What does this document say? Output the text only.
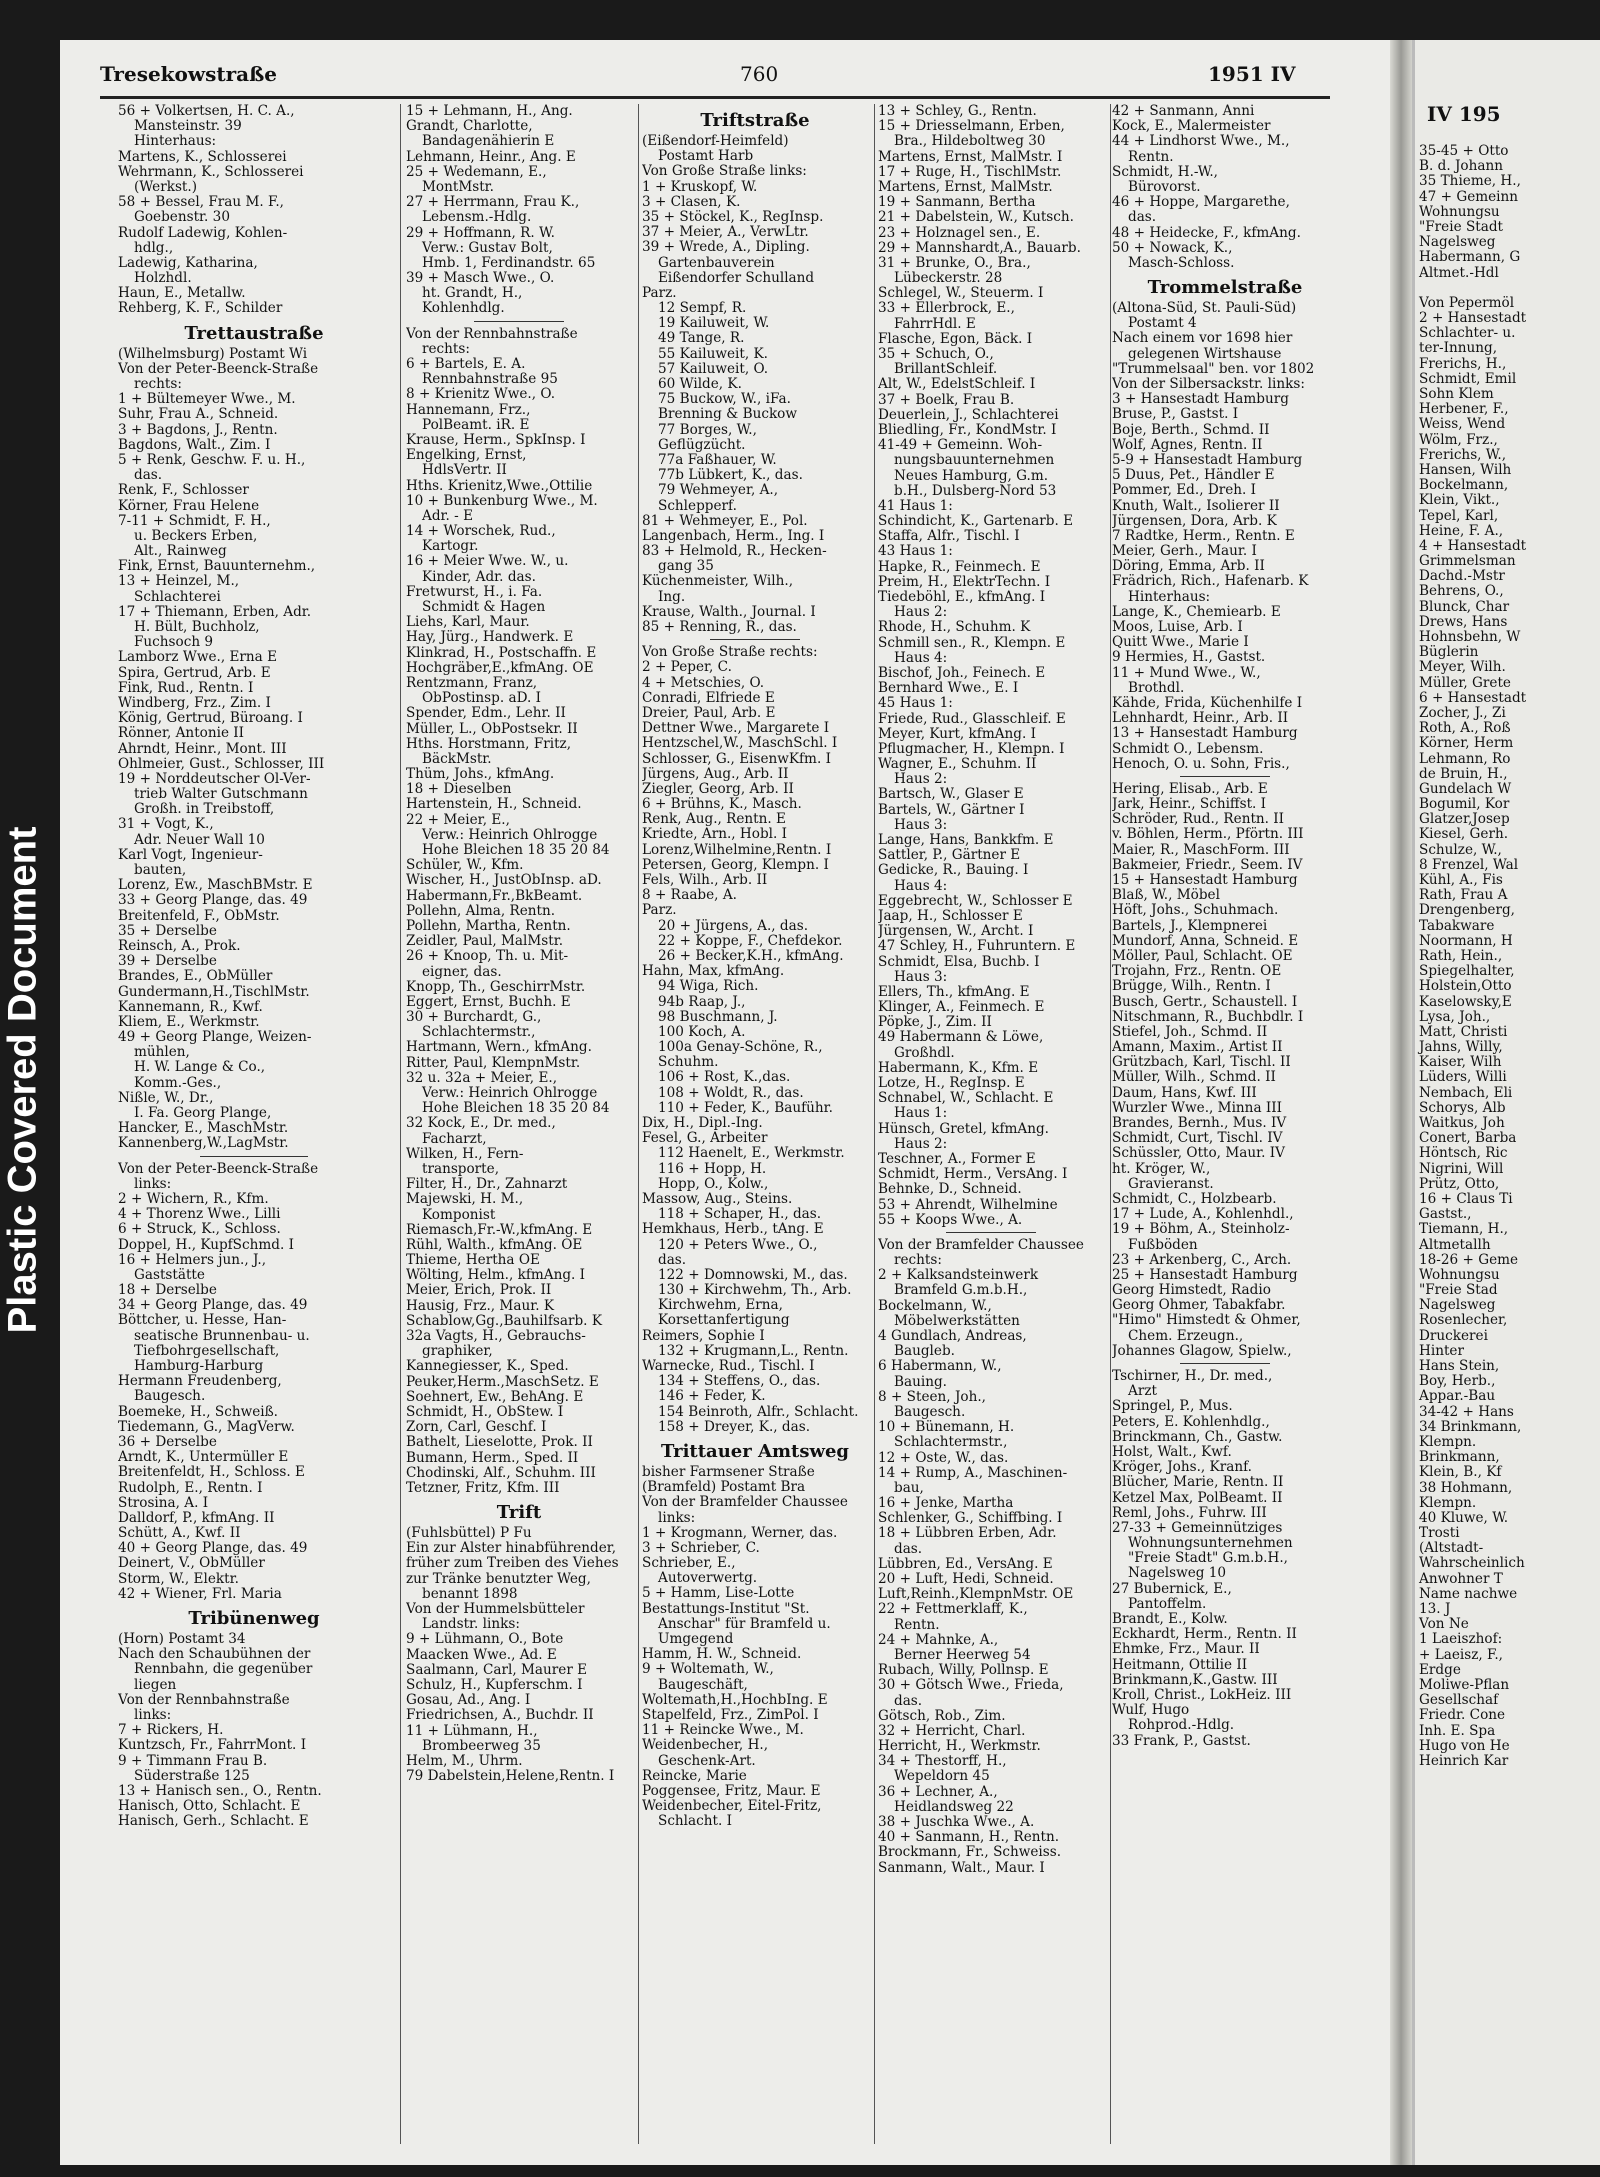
Plastic Covered Document
IV 195
35-45 + Otto
B. d. Johann
35 Thieme, H.,
47 + Gemeinn
Wohnungsu
"Freie Stadt
Nagelsweg
Habermann, G
Altmet.-Hdl
Von Pepermöl
2 + Hansestadt
Schlachter- u.
ter-Innung,
Frerichs, H.,
Schmidt, Emil
Sohn Klem
Herbener, F.,
Weiss, Wend
Wölm, Frz.,
Frerichs, W.,
Hansen, Wilh
Bockelmann,
Klein, Vikt.,
Tepel, Karl,
Heine, F. A.,
4 + Hansestadt
Grimmelsman
Dachd.-Mstr
Behrens, O.,
Blunck, Char
Drews, Hans
Hohnsbehn, W
Büglerin
Meyer, Wilh.
Müller, Grete
6 + Hansestadt
Zocher, J., Zi
Roth, A., Roß
Körner, Herm
Lehmann, Ro
de Bruin, H.,
Gundelach W
Bogumil, Kor
Glatzer,Josep
Kiesel, Gerh.
Schulze, W.,
8 Frenzel, Wal
Kühl, A., Fis
Rath, Frau A
Drengenberg,
Tabakware
Noormann, H
Rath, Hein.,
Spiegelhalter,
Holstein,Otto
Kaselowsky,E
Lysa, Joh.,
Matt, Christi
Jahns, Willy,
Kaiser, Wilh
Lüders, Willi
Nembach, Eli
Schorys, Alb
Waitkus, Joh
Conert, Barba
Höntsch, Ric
Nigrini, Will
Prütz, Otto,
16 + Claus Ti
Gastst.,
Tiemann, H.,
Altmetallh
18-26 + Geme
Wohnungsu
"Freie Stad
Nagelsweg
Rosenlecher,
Druckerei
Hinter
Hans Stein,
Boy, Herb.,
Appar.-Bau
34-42 + Hans
34 Brinkmann,
Klempn.
Brinkmann,
Klein, B., Kf
38 Hohmann,
Klempn.
40 Kluwe, W.
Trosti
(Altstadt-
Wahrscheinlich
Anwohner T
Name nachwe
13. J
Von Ne
1 Laeiszhof:
+ Laeisz, F.,
Erdge
Moliwe-Pflan
Gesellschaf
Friedr. Cone
Inh. E. Spa
Hugo von He
Heinrich Kar
Tresekowstraße	760	1951 IV
56 + Volkertsen, H. C. A.,
Mansteinstr. 39
Hinterhaus:
Martens, K., Schlosserei
Wehrmann, K., Schlosserei
(Werkst.)
58 + Bessel, Frau M. F.,
Goebenstr. 30
Rudolf Ladewig, Kohlen-
hdlg.,
Ladewig, Katharina,
Holzhdl.
Haun, E., Metallw.
Rehberg, K. F., Schilder
Trettaustraße
(Wilhelmsburg) Postamt Wi
Von der Peter-Beenck-Straße
rechts:
1 + Bültemeyer Wwe., M.
Suhr, Frau A., Schneid.
3 + Bagdons, J., Rentn.
Bagdons, Walt., Zim. I
5 + Renk, Geschw. F. u. H.,
das.
Renk, F., Schlosser
Körner, Frau Helene
7-11 + Schmidt, F. H.,
u. Beckers Erben,
Alt., Rainweg
Fink, Ernst, Bauunternehm.,
13 + Heinzel, M.,
Schlachterei
17 + Thiemann, Erben, Adr.
H. Bült, Buchholz,
Fuchsoch 9
Lamborz Wwe., Erna E
Spira, Gertrud, Arb. E
Fink, Rud., Rentn. I
Windberg, Frz., Zim. I
König, Gertrud, Büroang. I
Rönner, Antonie II
Ahrndt, Heinr., Mont. III
Ohlmeier, Gust., Schlosser, III
19 + Norddeutscher Ol-Ver-
trieb Walter Gutschmann
Großh. in Treibstoff,
31 + Vogt, K.,
Adr. Neuer Wall 10
Karl Vogt, Ingenieur-
bauten,
Lorenz, Ew., MaschBMstr. E
33 + Georg Plange, das. 49
Breitenfeld, F., ObMstr.
35 + Derselbe
Reinsch, A., Prok.
39 + Derselbe
Brandes, E., ObMüller
Gundermann,H.,TischlMstr.
Kannemann, R., Kwf.
Kliem, E., Werkmstr.
49 + Georg Plange, Weizen-
mühlen,
H. W. Lange & Co.,
Komm.-Ges.,
Nißle, W., Dr.,
I. Fa. Georg Plange,
Hancker, E., MaschMstr.
Kannenberg,W.,LagMstr.
Von der Peter-Beenck-Straße
links:
2 + Wichern, R., Kfm.
4 + Thorenz Wwe., Lilli
6 + Struck, K., Schloss.
Doppel, H., KupfSchmd. I
16 + Helmers jun., J.,
Gaststätte
18 + Derselbe
34 + Georg Plange, das. 49
Böttcher, u. Hesse, Han-
seatische Brunnenbau- u.
Tiefbohrgesellschaft,
Hamburg-Harburg
Hermann Freudenberg,
Baugesch.
Boemeke, H., Schweiß.
Tiedemann, G., MagVerw.
36 + Derselbe
Arndt, K., Untermüller E
Breitenfeldt, H., Schloss. E
Rudolph, E., Rentn. I
Strosina, A. I
Dalldorf, P., kfmAng. II
Schütt, A., Kwf. II
40 + Georg Plange, das. 49
Deinert, V., ObMüller
Storm, W., Elektr.
42 + Wiener, Frl. Maria
Tribünenweg
(Horn) Postamt 34
Nach den Schaubühnen der
Rennbahn, die gegenüber
liegen
Von der Rennbahnstraße
links:
7 + Rickers, H.
Kuntzsch, Fr., FahrrMont. I
9 + Timmann Frau B.
Süderstraße 125
13 + Hanisch sen., O., Rentn.
Hanisch, Otto, Schlacht. E
Hanisch, Gerh., Schlacht. E
15 + Lehmann, H., Ang.
Grandt, Charlotte,
Bandagenähierin E
Lehmann, Heinr., Ang. E
25 + Wedemann, E.,
MontMstr.
27 + Herrmann, Frau K.,
Lebensm.-Hdlg.
29 + Hoffmann, R. W.
Verw.: Gustav Bolt,
Hmb. 1, Ferdinandstr. 65
39 + Masch Wwe., O.
ht. Grandt, H.,
Kohlenhdlg.
Von der Rennbahnstraße
rechts:
6 + Bartels, E. A.
Rennbahnstraße 95
8 + Krienitz Wwe., O.
Hannemann, Frz.,
PolBeamt. iR. E
Krause, Herm., SpkInsp. I
Engelking, Ernst,
HdlsVertr. II
Hths. Krienitz,Wwe.,Ottilie
10 + Bunkenburg Wwe., M.
Adr. - E
14 + Worschek, Rud.,
Kartogr.
16 + Meier Wwe. W., u.
Kinder, Adr. das.
Fretwurst, H., i. Fa.
Schmidt & Hagen
Liehs, Karl, Maur.
Hay, Jürg., Handwerk. E
Klinkrad, H., Postschaffn. E
Hochgräber,E.,kfmAng. OE
Rentzmann, Franz,
ObPostinsp. aD. I
Spender, Edm., Lehr. II
Müller, L., ObPostsekr. II
Hths. Horstmann, Fritz,
BäckMstr.
Thüm, Johs., kfmAng.
18 + Dieselben
Hartenstein, H., Schneid.
22 + Meier, E.,
Verw.: Heinrich Ohlrogge
Hohe Bleichen 18 35 20 84
Schüler, W., Kfm.
Wischer, H., JustObInsp. aD.
Habermann,Fr.,BkBeamt.
Pollehn, Alma, Rentn.
Pollehn, Martha, Rentn.
Zeidler, Paul, MalMstr.
26 + Knoop, Th. u. Mit-
eigner, das.
Knopp, Th., GeschirrMstr.
Eggert, Ernst, Buchh. E
30 + Burchardt, G.,
Schlachtermstr.,
Hartmann, Wern., kfmAng.
Ritter, Paul, KlempnMstr.
32 u. 32a + Meier, E.,
Verw.: Heinrich Ohlrogge
Hohe Bleichen 18 35 20 84
32 Kock, E., Dr. med.,
Facharzt,
Wilken, H., Fern-
transporte,
Filter, H., Dr., Zahnarzt
Majewski, H. M.,
Komponist
Riemasch,Fr.-W.,kfmAng. E
Rühl, Walth., kfmAng. OE
Thieme, Hertha OE
Wölting, Helm., kfmAng. I
Meier, Erich, Prok. II
Hausig, Frz., Maur. K
Schablow,Gg.,Bauhilfsarb. K
32a Vagts, H., Gebrauchs-
graphiker,
Kannegiesser, K., Sped.
Peuker,Herm.,MaschSetz. E
Soehnert, Ew., BehAng. E
Schmidt, H., ObStew. I
Zorn, Carl, Geschf. I
Bathelt, Lieselotte, Prok. II
Bumann, Herm., Sped. II
Chodinski, Alf., Schuhm. III
Tetzner, Fritz, Kfm. III
Trift
(Fuhlsbüttel) P Fu
Ein zur Alster hinabführender,
früher zum Treiben des Viehes
zur Tränke benutzter Weg,
benannt 1898
Von der Hummelsbütteler
Landstr. links:
9 + Lühmann, O., Bote
Maacken Wwe., Ad. E
Saalmann, Carl, Maurer E
Schulz, H., Kupferschm. I
Gosau, Ad., Ang. I
Friedrichsen, A., Buchdr. II
11 + Lühmann, H.,
Brombeerweg 35
Helm, M., Uhrm.
79 Dabelstein,Helene,Rentn. I
Triftstraße
(Eißendorf-Heimfeld)
Postamt Harb
Von Große Straße links:
1 + Kruskopf, W.
3 + Clasen, K.
35 + Stöckel, K., RegInsp.
37 + Meier, A., VerwLtr.
39 + Wrede, A., Dipling.
Gartenbauverein
Eißendorfer Schulland
Parz.
12 Sempf, R.
19 Kailuweit, W.
49 Tange, R.
55 Kailuweit, K.
57 Kailuweit, O.
60 Wilde, K.
75 Buckow, W., iFa.
Brenning & Buckow
77 Borges, W.,
Geflügzücht.
77a Faßhauer, W.
77b Lübkert, K., das.
79 Wehmeyer, A.,
Schlepperf.
81 + Wehmeyer, E., Pol.
Langenbach, Herm., Ing. I
83 + Helmold, R., Hecken-
gang 35
Küchenmeister, Wilh.,
Ing.
Krause, Walth., Journal. I
85 + Renning, R., das.
Von Große Straße rechts:
2 + Peper, C.
4 + Metschies, O.
Conradi, Elfriede E
Dreier, Paul, Arb. E
Dettner Wwe., Margarete I
Hentzschel,W., MaschSchl. I
Schlosser, G., EisenwKfm. I
Jürgens, Aug., Arb. II
Ziegler, Georg, Arb. II
6 + Brühns, K., Masch.
Renk, Aug., Rentn. E
Kriedte, Arn., Hobl. I
Lorenz,Wilhelmine,Rentn. I
Petersen, Georg, Klempn. I
Fels, Wilh., Arb. II
8 + Raabe, A.
Parz.
20 + Jürgens, A., das.
22 + Koppe, F., Chefdekor.
26 + Becker,K.H., kfmAng.
Hahn, Max, kfmAng.
94 Wiga, Rich.
94b Raap, J.,
98 Buschmann, J.
100 Koch, A.
100a Genay-Schöne, R.,
Schuhm.
106 + Rost, K.,das.
108 + Woldt, R., das.
110 + Feder, K., Bauführ.
Dix, H., Dipl.-Ing.
Fesel, G., Arbeiter
112 Haenelt, E., Werkmstr.
116 + Hopp, H.
Hopp, O., Kolw.,
Massow, Aug., Steins.
118 + Schaper, H., das.
Hemkhaus, Herb., tAng. E
120 + Peters Wwe., O.,
das.
122 + Domnowski, M., das.
130 + Kirchwehm, Th., Arb.
Kirchwehm, Erna,
Korsettanfertigung
Reimers, Sophie I
132 + Krugmann,L., Rentn.
Warnecke, Rud., Tischl. I
134 + Steffens, O., das.
146 + Feder, K.
154 Beinroth, Alfr., Schlacht.
158 + Dreyer, K., das.
Trittauer Amtsweg
bisher Farmsener Straße
(Bramfeld) Postamt Bra
Von der Bramfelder Chaussee
links:
1 + Krogmann, Werner, das.
3 + Schrieber, C.
Schrieber, E.,
Autoverwertg.
5 + Hamm, Lise-Lotte
Bestattungs-Institut "St.
Anschar" für Bramfeld u.
Umgegend
Hamm, H. W., Schneid.
9 + Woltemath, W.,
Baugeschäft,
Woltemath,H.,HochbIng. E
Stapelfeld, Frz., ZimPol. I
11 + Reincke Wwe., M.
Weidenbecher, H.,
Geschenk-Art.
Reincke, Marie
Poggensee, Fritz, Maur. E
Weidenbecher, Eitel-Fritz,
Schlacht. I
13 + Schley, G., Rentn.
15 + Driesselmann, Erben,
Bra., Hildeboltweg 30
Martens, Ernst, MalMstr. I
17 + Ruge, H., TischlMstr.
Martens, Ernst, MalMstr.
19 + Sanmann, Bertha
21 + Dabelstein, W., Kutsch.
23 + Holznagel sen., E.
29 + Mannshardt,A., Bauarb.
31 + Brunke, O., Bra.,
Lübeckerstr. 28
Schlegel, W., Steuerm. I
33 + Ellerbrock, E.,
FahrrHdl. E
Flasche, Egon, Bäck. I
35 + Schuch, O.,
BrillantSchleif.
Alt, W., EdelstSchleif. I
37 + Boelk, Frau B.
Deuerlein, J., Schlachterei
Bliedling, Fr., KondMstr. I
41-49 + Gemeinn. Woh-
nungsbauunternehmen
Neues Hamburg, G.m.
b.H., Dulsberg-Nord 53
41 Haus 1:
Schindicht, K., Gartenarb. E
Staffa, Alfr., Tischl. I
43 Haus 1:
Hapke, R., Feinmech. E
Preim, H., ElektrTechn. I
Tiedeböhl, E., kfmAng. I
Haus 2:
Rhode, H., Schuhm. K
Schmill sen., R., Klempn. E
Haus 4:
Bischof, Joh., Feinech. E
Bernhard Wwe., E. I
45 Haus 1:
Friede, Rud., Glasschleif. E
Meyer, Kurt, kfmAng. I
Pflugmacher, H., Klempn. I
Wagner, E., Schuhm. II
Haus 2:
Bartsch, W., Glaser E
Bartels, W., Gärtner I
Haus 3:
Lange, Hans, Bankkfm. E
Sattler, P., Gärtner E
Gedicke, R., Bauing. I
Haus 4:
Eggebrecht, W., Schlosser E
Jaap, H., Schlosser E
Jürgensen, W., Archt. I
47 Schley, H., Fuhruntern. E
Schmidt, Elsa, Buchb. I
Haus 3:
Ellers, Th., kfmAng. E
Klinger, A., Feinmech. E
Pöpke, J., Zim. II
49 Habermann & Löwe,
Großhdl.
Habermann, K., Kfm. E
Lotze, H., RegInsp. E
Schnabel, W., Schlacht. E
Haus 1:
Hünsch, Gretel, kfmAng.
Haus 2:
Teschner, A., Former E
Schmidt, Herm., VersAng. I
Behnke, D., Schneid.
53 + Ahrendt, Wilhelmine
55 + Koops Wwe., A.
Von der Bramfelder Chaussee
rechts:
2 + Kalksandsteinwerk
Bramfeld G.m.b.H.,
Bockelmann, W.,
Möbelwerkstätten
4 Gundlach, Andreas,
Baugleb.
6 Habermann, W.,
Bauing.
8 + Steen, Joh.,
Baugesch.
10 + Bünemann, H.
Schlachtermstr.,
12 + Oste, W., das.
14 + Rump, A., Maschinen-
bau,
16 + Jenke, Martha
Schlenker, G., Schiffbing. I
18 + Lübbren Erben, Adr.
das.
Lübbren, Ed., VersAng. E
20 + Luft, Hedi, Schneid.
Luft,Reinh.,KlempnMstr. OE
22 + Fettmerklaff, K.,
Rentn.
24 + Mahnke, A.,
Berner Heerweg 54
Rubach, Willy, Pollnsp. E
30 + Götsch Wwe., Frieda,
das.
Götsch, Rob., Zim.
32 + Herricht, Charl.
Herricht, H., Werkmstr.
34 + Thestorff, H.,
Wepeldorn 45
36 + Lechner, A.,
Heidlandsweg 22
38 + Juschka Wwe., A.
40 + Sanmann, H., Rentn.
Brockmann, Fr., Schweiss.
Sanmann, Walt., Maur. I
42 + Sanmann, Anni
Kock, E., Malermeister
44 + Lindhorst Wwe., M.,
Rentn.
Schmidt, H.-W.,
Bürovorst.
46 + Hoppe, Margarethe,
das.
48 + Heidecke, F., kfmAng.
50 + Nowack, K.,
Masch-Schloss.
Trommelstraße
(Altona-Süd, St. Pauli-Süd)
Postamt 4
Nach einem vor 1698 hier
gelegenen Wirtshause
"Trummelsaal" ben. vor 1802
Von der Silbersackstr. links:
3 + Hansestadt Hamburg
Bruse, P., Gastst. I
Boje, Berth., Schmd. II
Wolf, Agnes, Rentn. II
5-9 + Hansestadt Hamburg
5 Duus, Pet., Händler E
Pommer, Ed., Dreh. I
Knuth, Walt., Isolierer II
Jürgensen, Dora, Arb. K
7 Radtke, Herm., Rentn. E
Meier, Gerh., Maur. I
Döring, Emma, Arb. II
Frädrich, Rich., Hafenarb. K
Hinterhaus:
Lange, K., Chemiearb. E
Moos, Luise, Arb. I
Quitt Wwe., Marie I
9 Hermies, H., Gastst.
11 + Mund Wwe., W.,
Brothdl.
Kähde, Frida, Küchenhilfe I
Lehnhardt, Heinr., Arb. II
13 + Hansestadt Hamburg
Schmidt O., Lebensm.
Henoch, O. u. Sohn, Fris.,
Hering, Elisab., Arb. E
Jark, Heinr., Schiffst. I
Schröder, Rud., Rentn. II
v. Böhlen, Herm., Pförtn. III
Maier, R., MaschForm. III
Bakmeier, Friedr., Seem. IV
15 + Hansestadt Hamburg
Blaß, W., Möbel
Höft, Johs., Schuhmach.
Bartels, J., Klempnerei
Mundorf, Anna, Schneid. E
Möller, Paul, Schlacht. OE
Trojahn, Frz., Rentn. OE
Brügge, Wilh., Rentn. I
Busch, Gertr., Schaustell. I
Nitschmann, R., Buchbdlr. I
Stiefel, Joh., Schmd. II
Amann, Maxim., Artist II
Grützbach, Karl, Tischl. II
Müller, Wilh., Schmd. II
Daum, Hans, Kwf. III
Wurzler Wwe., Minna III
Brandes, Bernh., Mus. IV
Schmidt, Curt, Tischl. IV
Schüssler, Otto, Maur. IV
ht. Kröger, W.,
Gravieranst.
Schmidt, C., Holzbearb.
17 + Lude, A., Kohlenhdl.,
19 + Böhm, A., Steinholz-
Fußböden
23 + Arkenberg, C., Arch.
25 + Hansestadt Hamburg
Georg Himstedt, Radio
Georg Ohmer, Tabakfabr.
"Himo" Himstedt & Ohmer,
Chem. Erzeugn.,
Johannes Glagow, Spielw.,
Tschirner, H., Dr. med.,
Arzt
Springel, P., Mus.
Peters, E. Kohlenhdlg.,
Brinckmann, Ch., Gastw.
Holst, Walt., Kwf.
Kröger, Johs., Kranf.
Blücher, Marie, Rentn. II
Ketzel Max, PolBeamt. II
Reml, Johs., Fuhrw. III
27-33 + Gemeinnütziges
Wohnungsunternehmen
"Freie Stadt" G.m.b.H.,
Nagelsweg 10
27 Bubernick, E.,
Pantoffelm.
Brandt, E., Kolw.
Eckhardt, Herm., Rentn. II
Ehmke, Frz., Maur. II
Heitmann, Ottilie II
Brinkmann,K.,Gastw. III
Kroll, Christ., LokHeiz. III
Wulf, Hugo
Rohprod.-Hdlg.
33 Frank, P., Gastst.
